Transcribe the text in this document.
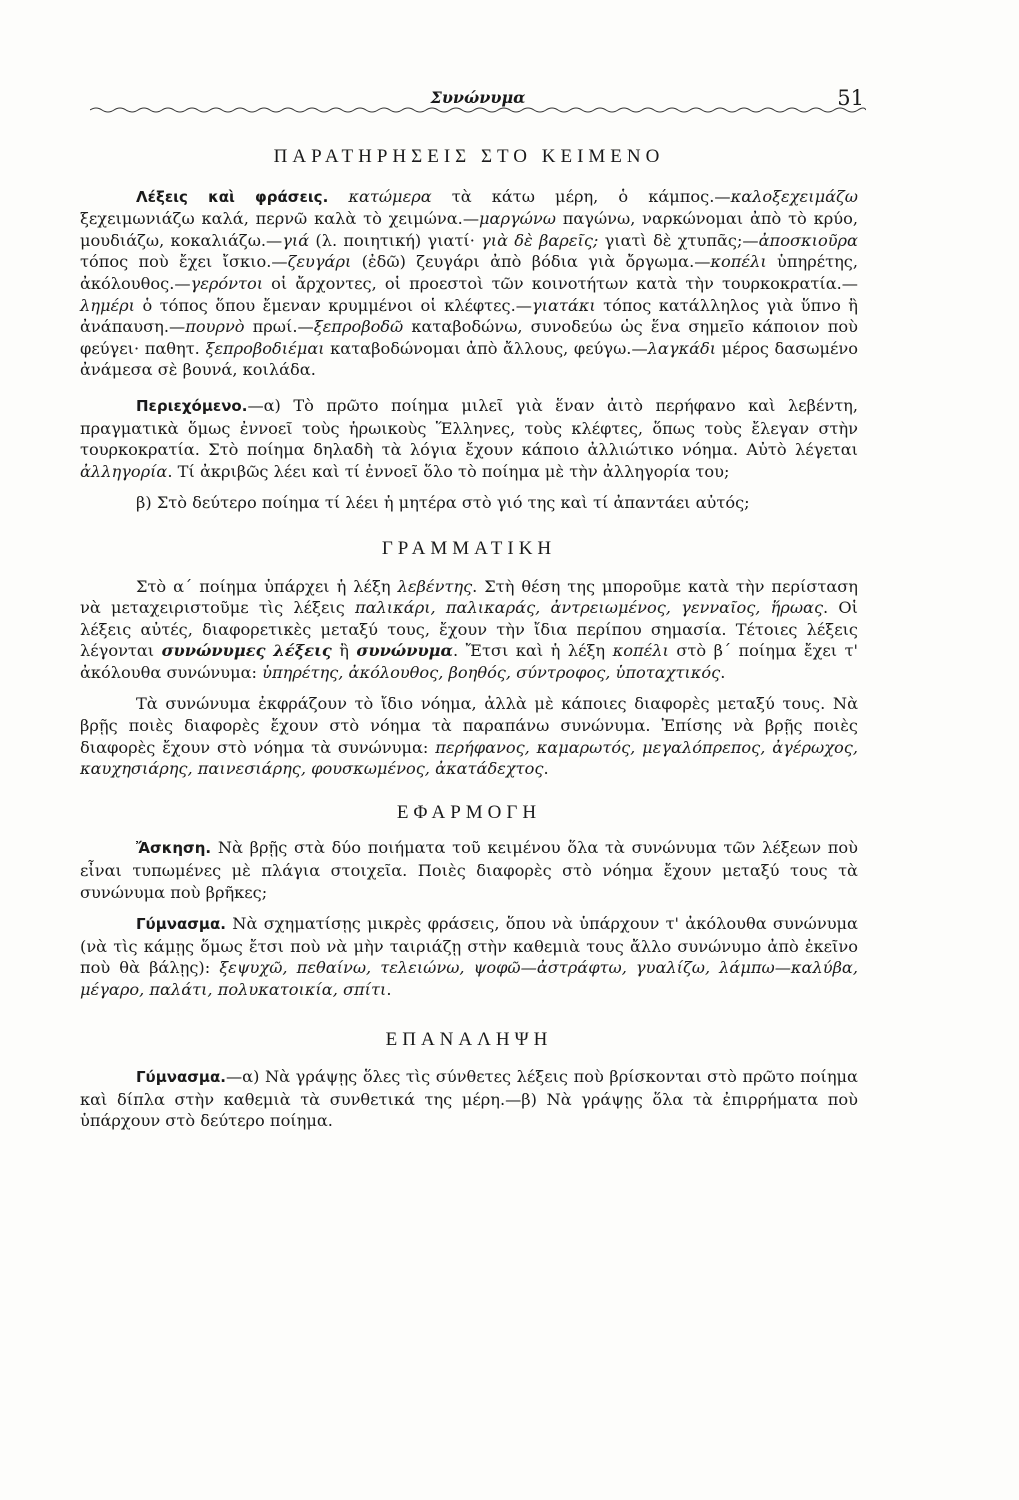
Συνώνυμα	51
ΠΑΡΑΤΗΡΗΣΕΙΣ ΣΤΟ ΚΕΙΜΕΝΟ

Λέξεις καὶ φράσεις. κατώμερα τὰ κάτω μέρη, ὁ κάμπος.—καλοξεχειμάζω ξεχειμωνιάζω καλά, περνῶ καλὰ τὸ χειμώνα.—μαργώνω παγώνω, ναρκώνομαι ἀπὸ τὸ κρύο, μουδιάζω, κοκαλιάζω.—γιά (λ. ποιητική) γιατί· γιὰ δὲ βαρεῖς; γιατὶ δὲ χτυπᾶς;—ἀποσκιοῦρα τόπος ποὺ ἔχει ἴσκιο.—ζευγάρι (ἐδῶ) ζευγάρι ἀπὸ βόδια γιὰ ὄργωμα.—κοπέλι ὑπηρέτης, ἀκόλουθος.—γερόντοι οἱ ἄρχοντες, οἱ προεστοὶ τῶν κοινοτήτων κατὰ τὴν τουρκοκρατία.—λημέρι ὁ τόπος ὅπου ἔμεναν κρυμμένοι οἱ κλέφτες.—γιατάκι τόπος κατάλληλος γιὰ ὕπνο ἢ ἀνάπαυση.—πουρνὸ πρωί.—ξεπροβοδῶ καταβοδώνω, συνοδεύω ὡς ἕνα σημεῖο κάποιον ποὺ φεύγει· παθητ. ξεπροβοδιέμαι καταβοδώνομαι ἀπὸ ἄλλους, φεύγω.—λαγκάδι μέρος δασωμένο ἀνάμεσα σὲ βουνά, κοιλάδα.

Περιεχόμενο.—α) Τὸ πρῶτο ποίημα μιλεῖ γιὰ ἕναν ἀιτὸ περήφανο καὶ λεβέντη, πραγματικὰ ὅμως ἐννοεῖ τοὺς ἡρωικοὺς Ἕλληνες, τοὺς κλέφτες, ὅπως τοὺς ἔλεγαν στὴν τουρκοκρατία. Στὸ ποίημα δηλαδὴ τὰ λόγια ἔχουν κάποιο ἀλλιώτικο νόημα. Αὐτὸ λέγεται ἀλληγορία. Τί ἀκριβῶς λέει καὶ τί ἐννοεῖ ὅλο τὸ ποίημα μὲ τὴν ἀλληγορία του;

β) Στὸ δεύτερο ποίημα τί λέει ἡ μητέρα στὸ γιό της καὶ τί ἀπαντάει αὐτός;

ΓΡΑΜΜΑΤΙΚΗ

Στὸ α΄ ποίημα ὑπάρχει ἡ λέξη λεβέντης. Στὴ θέση της μποροῦμε κατὰ τὴν περίσταση νὰ μεταχειριστοῦμε τὶς λέξεις παλικάρι, παλικαράς, ἀντρειωμένος, γενναῖος, ἥρωας. Οἱ λέξεις αὐτές, διαφορετικὲς μεταξύ τους, ἔχουν τὴν ἴδια περίπου σημασία. Τέτοιες λέξεις λέγονται συνώνυμες λέξεις ἢ συνώνυμα. Ἔτσι καὶ ἡ λέξη κοπέλι στὸ β΄ ποίημα ἔχει τ' ἀκόλουθα συνώνυμα: ὑπηρέτης, ἀκόλουθος, βοηθός, σύντροφος, ὑποταχτικός.

Τὰ συνώνυμα ἐκφράζουν τὸ ἴδιο νόημα, ἀλλὰ μὲ κάποιες διαφορὲς μεταξύ τους. Νὰ βρῇς ποιὲς διαφορὲς ἔχουν στὸ νόημα τὰ παραπάνω συνώνυμα. Ἐπίσης νὰ βρῇς ποιὲς διαφορὲς ἔχουν στὸ νόημα τὰ συνώνυμα: περήφανος, καμαρωτός, μεγαλόπρεπος, ἀγέρωχος, καυχησιάρης, παινεσιάρης, φουσκωμένος, ἀκατάδεχτος.

ΕΦΑΡΜΟΓΗ

Ἄσκηση. Νὰ βρῇς στὰ δύο ποιήματα τοῦ κειμένου ὅλα τὰ συνώνυμα τῶν λέξεων ποὺ εἶναι τυπωμένες μὲ πλάγια στοιχεῖα. Ποιὲς διαφορὲς στὸ νόημα ἔχουν μεταξύ τους τὰ συνώνυμα ποὺ βρῆκες;

Γύμνασμα. Νὰ σχηματίσῃς μικρὲς φράσεις, ὅπου νὰ ὑπάρχουν τ' ἀκόλουθα συνώνυμα (νὰ τὶς κάμῃς ὅμως ἔτσι ποὺ νὰ μὴν ταιριάζῃ στὴν καθεμιὰ τους ἄλλο συνώνυμο ἀπὸ ἐκεῖνο ποὺ θὰ βάλῃς): ξεψυχῶ, πεθαίνω, τελειώνω, ψοφῶ—ἀστράφτω, γυαλίζω, λάμπω—καλύβα, μέγαρο, παλάτι, πολυκατοικία, σπίτι.

ΕΠΑΝΑΛΗΨΗ

Γύμνασμα.—α) Νὰ γράψῃς ὅλες τὶς σύνθετες λέξεις ποὺ βρίσκονται στὸ πρῶτο ποίημα καὶ δίπλα στὴν καθεμιὰ τὰ συνθετικά της μέρη.—β) Νὰ γράψῃς ὅλα τὰ ἐπιρρήματα ποὺ ὑπάρχουν στὸ δεύτερο ποίημα.
